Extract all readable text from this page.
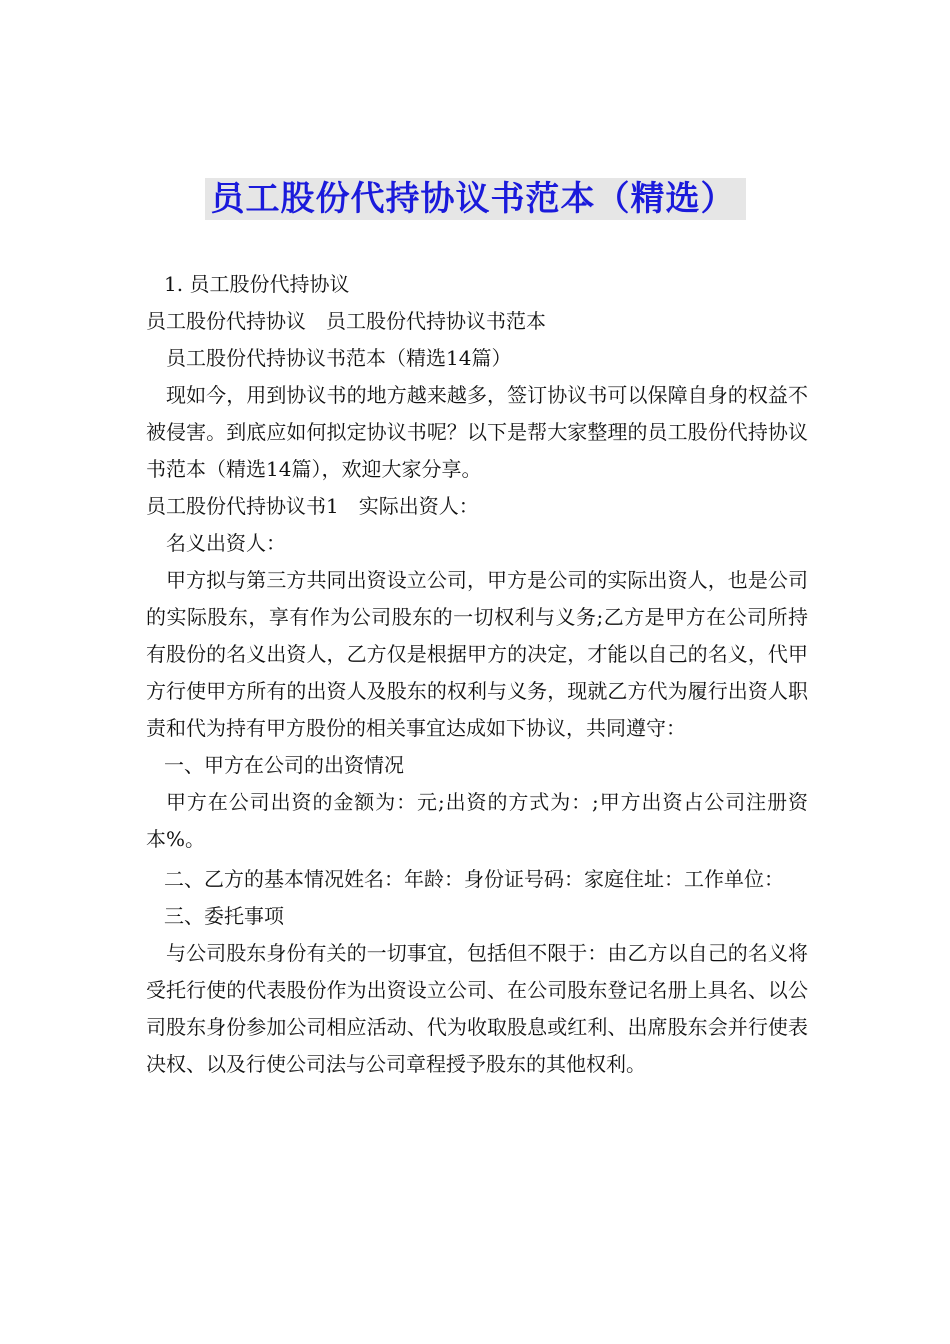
员工股份代持协议书范本（精选）

1. 员工股份代持协议

员工股份代持协议　员工股份代持协议书范本

员工股份代持协议书范本（精选14篇）

现如今，用到协议书的地方越来越多，签订协议书可以保障自身的权益不被侵害。到底应如何拟定协议书呢？以下是帮大家整理的员工股份代持协议书范本（精选14篇），欢迎大家分享。

员工股份代持协议书1　实际出资人：

名义出资人：

甲方拟与第三方共同出资设立公司，甲方是公司的实际出资人，也是公司的实际股东，享有作为公司股东的一切权利与义务;乙方是甲方在公司所持有股份的名义出资人，乙方仅是根据甲方的决定，才能以自己的名义，代甲方行使甲方所有的出资人及股东的权利与义务，现就乙方代为履行出资人职责和代为持有甲方股份的相关事宜达成如下协议，共同遵守：

一、甲方在公司的出资情况

甲方在公司出资的金额为：元;出资的方式为：;甲方出资占公司注册资本%。

二、乙方的基本情况姓名：年龄：身份证号码：家庭住址：工作单位：

三、委托事项

与公司股东身份有关的一切事宜，包括但不限于：由乙方以自己的名义将受托行使的代表股份作为出资设立公司、在公司股东登记名册上具名、以公司股东身份参加公司相应活动、代为收取股息或红利、出席股东会并行使表决权、以及行使公司法与公司章程授予股东的其他权利。
